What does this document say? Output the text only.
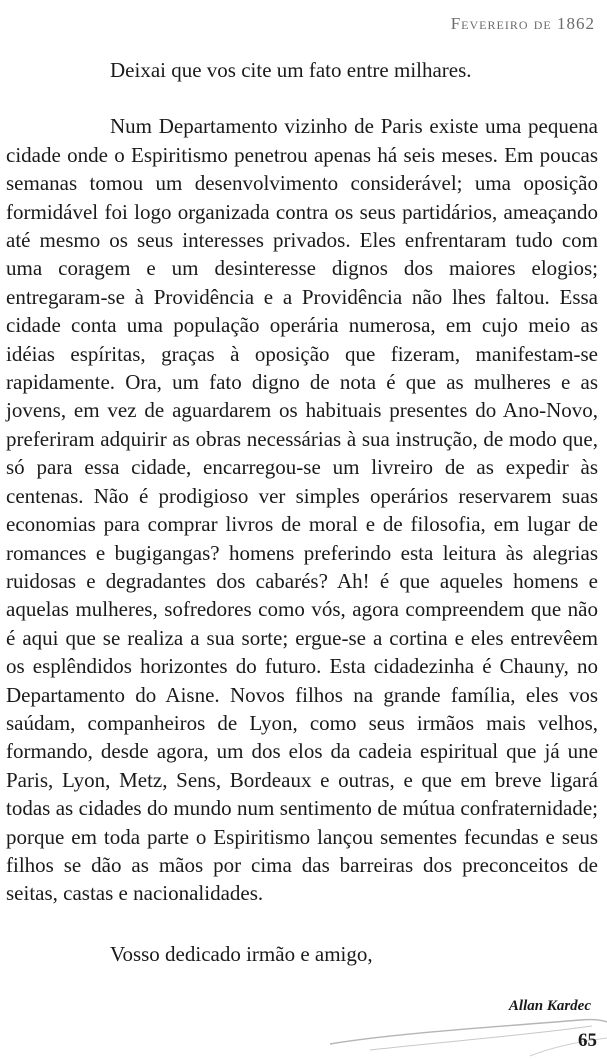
Fevereiro de 1862

Deixai que vos cite um fato entre milhares.

Num Departamento vizinho de Paris existe uma pequena cidade onde o Espiritismo penetrou apenas há seis meses. Em poucas semanas tomou um desenvolvimento considerável; uma oposição formidável foi logo organizada contra os seus partidários, ameaçando até mesmo os seus interesses privados. Eles enfrentaram tudo com uma coragem e um desinteresse dignos dos maiores elogios; entregaram-se à Providência e a Providência não lhes faltou. Essa cidade conta uma população operária numerosa, em cujo meio as idéias espíritas, graças à oposição que fizeram, manifestam-se rapidamente. Ora, um fato digno de nota é que as mulheres e as jovens, em vez de aguardarem os habituais presentes do Ano-Novo, preferiram adquirir as obras necessárias à sua instrução, de modo que, só para essa cidade, encarregou-se um livreiro de as expedir às centenas. Não é prodigioso ver simples operários reservarem suas economias para comprar livros de moral e de filosofia, em lugar de romances e bugigangas? homens preferindo esta leitura às alegrias ruidosas e degradantes dos cabarés? Ah! é que aqueles homens e aquelas mulheres, sofredores como vós, agora compreendem que não é aqui que se realiza a sua sorte; ergue-se a cortina e eles entrevêem os esplêndidos horizontes do futuro. Esta cidadezinha é Chauny, no Departamento do Aisne. Novos filhos na grande família, eles vos saúdam, companheiros de Lyon, como seus irmãos mais velhos, formando, desde agora, um dos elos da cadeia espiritual que já une Paris, Lyon, Metz, Sens, Bordeaux e outras, e que em breve ligará todas as cidades do mundo num sentimento de mútua confraternidade; porque em toda parte o Espiritismo lançou sementes fecundas e seus filhos se dão as mãos por cima das barreiras dos preconceitos de seitas, castas e nacionalidades.

Vosso dedicado irmão e amigo,
Allan Kardec
65
